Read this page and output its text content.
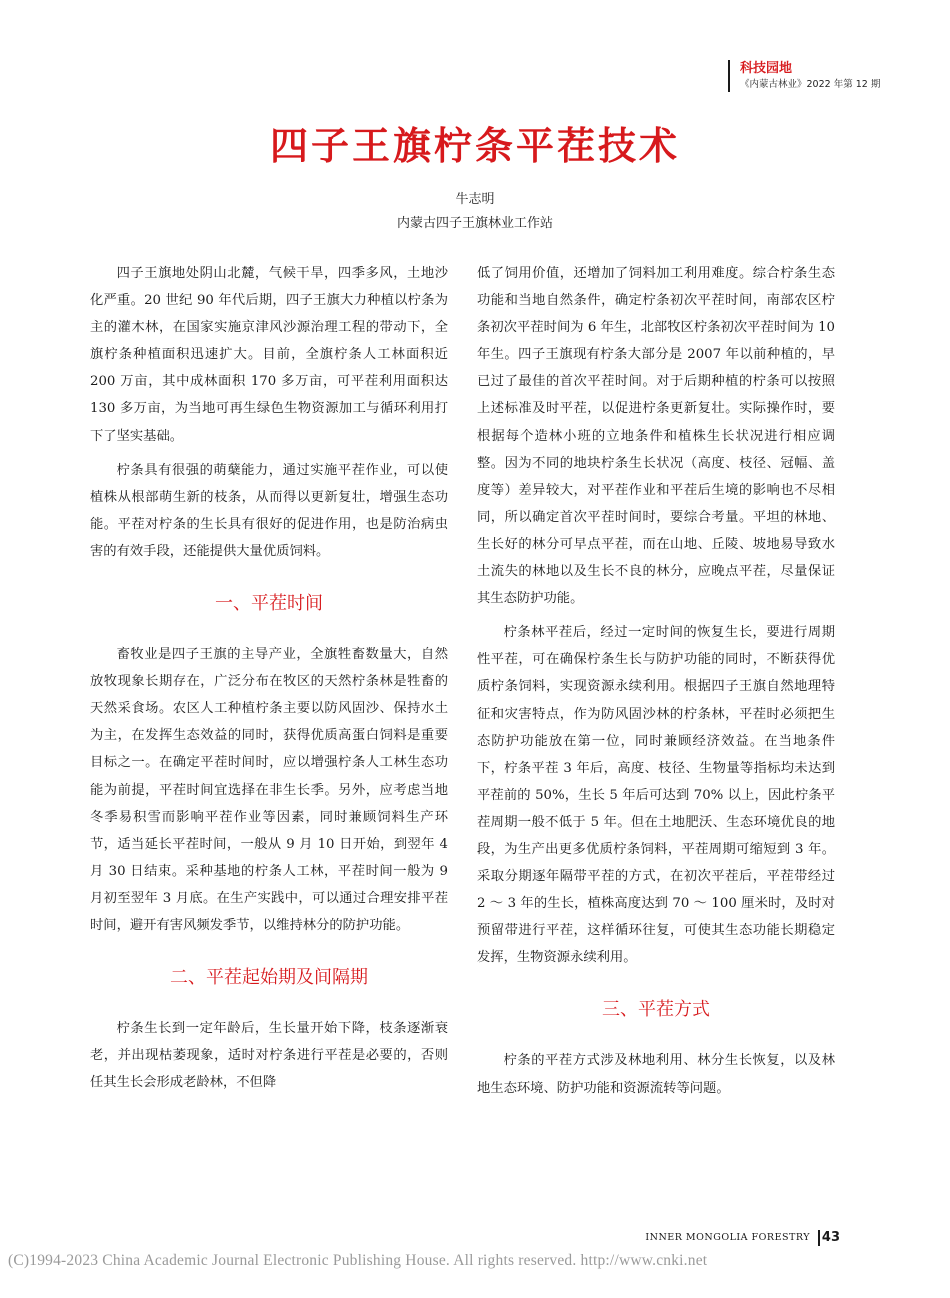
科技园地
《内蒙古林业》2022 年第 12 期
四子王旗柠条平茬技术
牛志明
内蒙古四子王旗林业工作站

四子王旗地处阴山北麓，气候干旱，四季多风，土地沙化严重。20 世纪 90 年代后期，四子王旗大力种植以柠条为主的灌木林，在国家实施京津风沙源治理工程的带动下，全旗柠条种植面积迅速扩大。目前，全旗柠条人工林面积近 200 万亩，其中成林面积 170 多万亩，可平茬利用面积达 130 多万亩，为当地可再生绿色生物资源加工与循环利用打下了坚实基础。

柠条具有很强的萌蘖能力，通过实施平茬作业，可以使植株从根部萌生新的枝条，从而得以更新复壮，增强生态功能。平茬对柠条的生长具有很好的促进作用，也是防治病虫害的有效手段，还能提供大量优质饲料。

一、平茬时间

畜牧业是四子王旗的主导产业，全旗牲畜数量大，自然放牧现象长期存在，广泛分布在牧区的天然柠条林是牲畜的天然采食场。农区人工种植柠条主要以防风固沙、保持水土为主，在发挥生态效益的同时，获得优质高蛋白饲料是重要目标之一。在确定平茬时间时，应以增强柠条人工林生态功能为前提，平茬时间宜选择在非生长季。另外，应考虑当地冬季易积雪而影响平茬作业等因素，同时兼顾饲料生产环节，适当延长平茬时间，一般从 9 月 10 日开始，到翌年 4 月 30 日结束。采种基地的柠条人工林，平茬时间一般为 9 月初至翌年 3 月底。在生产实践中，可以通过合理安排平茬时间，避开有害风频发季节，以维持林分的防护功能。

二、平茬起始期及间隔期

柠条生长到一定年龄后，生长量开始下降，枝条逐渐衰老，并出现枯萎现象，适时对柠条进行平茬是必要的，否则任其生长会形成老龄林，不但降

低了饲用价值，还增加了饲料加工利用难度。综合柠条生态功能和当地自然条件，确定柠条初次平茬时间，南部农区柠条初次平茬时间为 6 年生，北部牧区柠条初次平茬时间为 10 年生。四子王旗现有柠条大部分是 2007 年以前种植的，早已过了最佳的首次平茬时间。对于后期种植的柠条可以按照上述标准及时平茬，以促进柠条更新复壮。实际操作时，要根据每个造林小班的立地条件和植株生长状况进行相应调整。因为不同的地块柠条生长状况（高度、枝径、冠幅、盖度等）差异较大，对平茬作业和平茬后生境的影响也不尽相同，所以确定首次平茬时间时，要综合考量。平坦的林地、生长好的林分可早点平茬，而在山地、丘陵、坡地易导致水土流失的林地以及生长不良的林分，应晚点平茬，尽量保证其生态防护功能。

柠条林平茬后，经过一定时间的恢复生长，要进行周期性平茬，可在确保柠条生长与防护功能的同时，不断获得优质柠条饲料，实现资源永续利用。根据四子王旗自然地理特征和灾害特点，作为防风固沙林的柠条林，平茬时必须把生态防护功能放在第一位，同时兼顾经济效益。在当地条件下，柠条平茬 3 年后，高度、枝径、生物量等指标均未达到平茬前的 50%，生长 5 年后可达到 70% 以上，因此柠条平茬周期一般不低于 5 年。但在土地肥沃、生态环境优良的地段，为生产出更多优质柠条饲料，平茬周期可缩短到 3 年。采取分期逐年隔带平茬的方式，在初次平茬后，平茬带经过 2 ～ 3 年的生长，植株高度达到 70 ～ 100 厘米时，及时对预留带进行平茬，这样循环往复，可使其生态功能长期稳定发挥，生物资源永续利用。

三、平茬方式

柠条的平茬方式涉及林地利用、林分生长恢复，以及林地生态环境、防护功能和资源流转等问题。

INNER MONGOLIA FORESTRY 43
(C)1994-2023 China Academic Journal Electronic Publishing House. All rights reserved. http://www.cnki.net
